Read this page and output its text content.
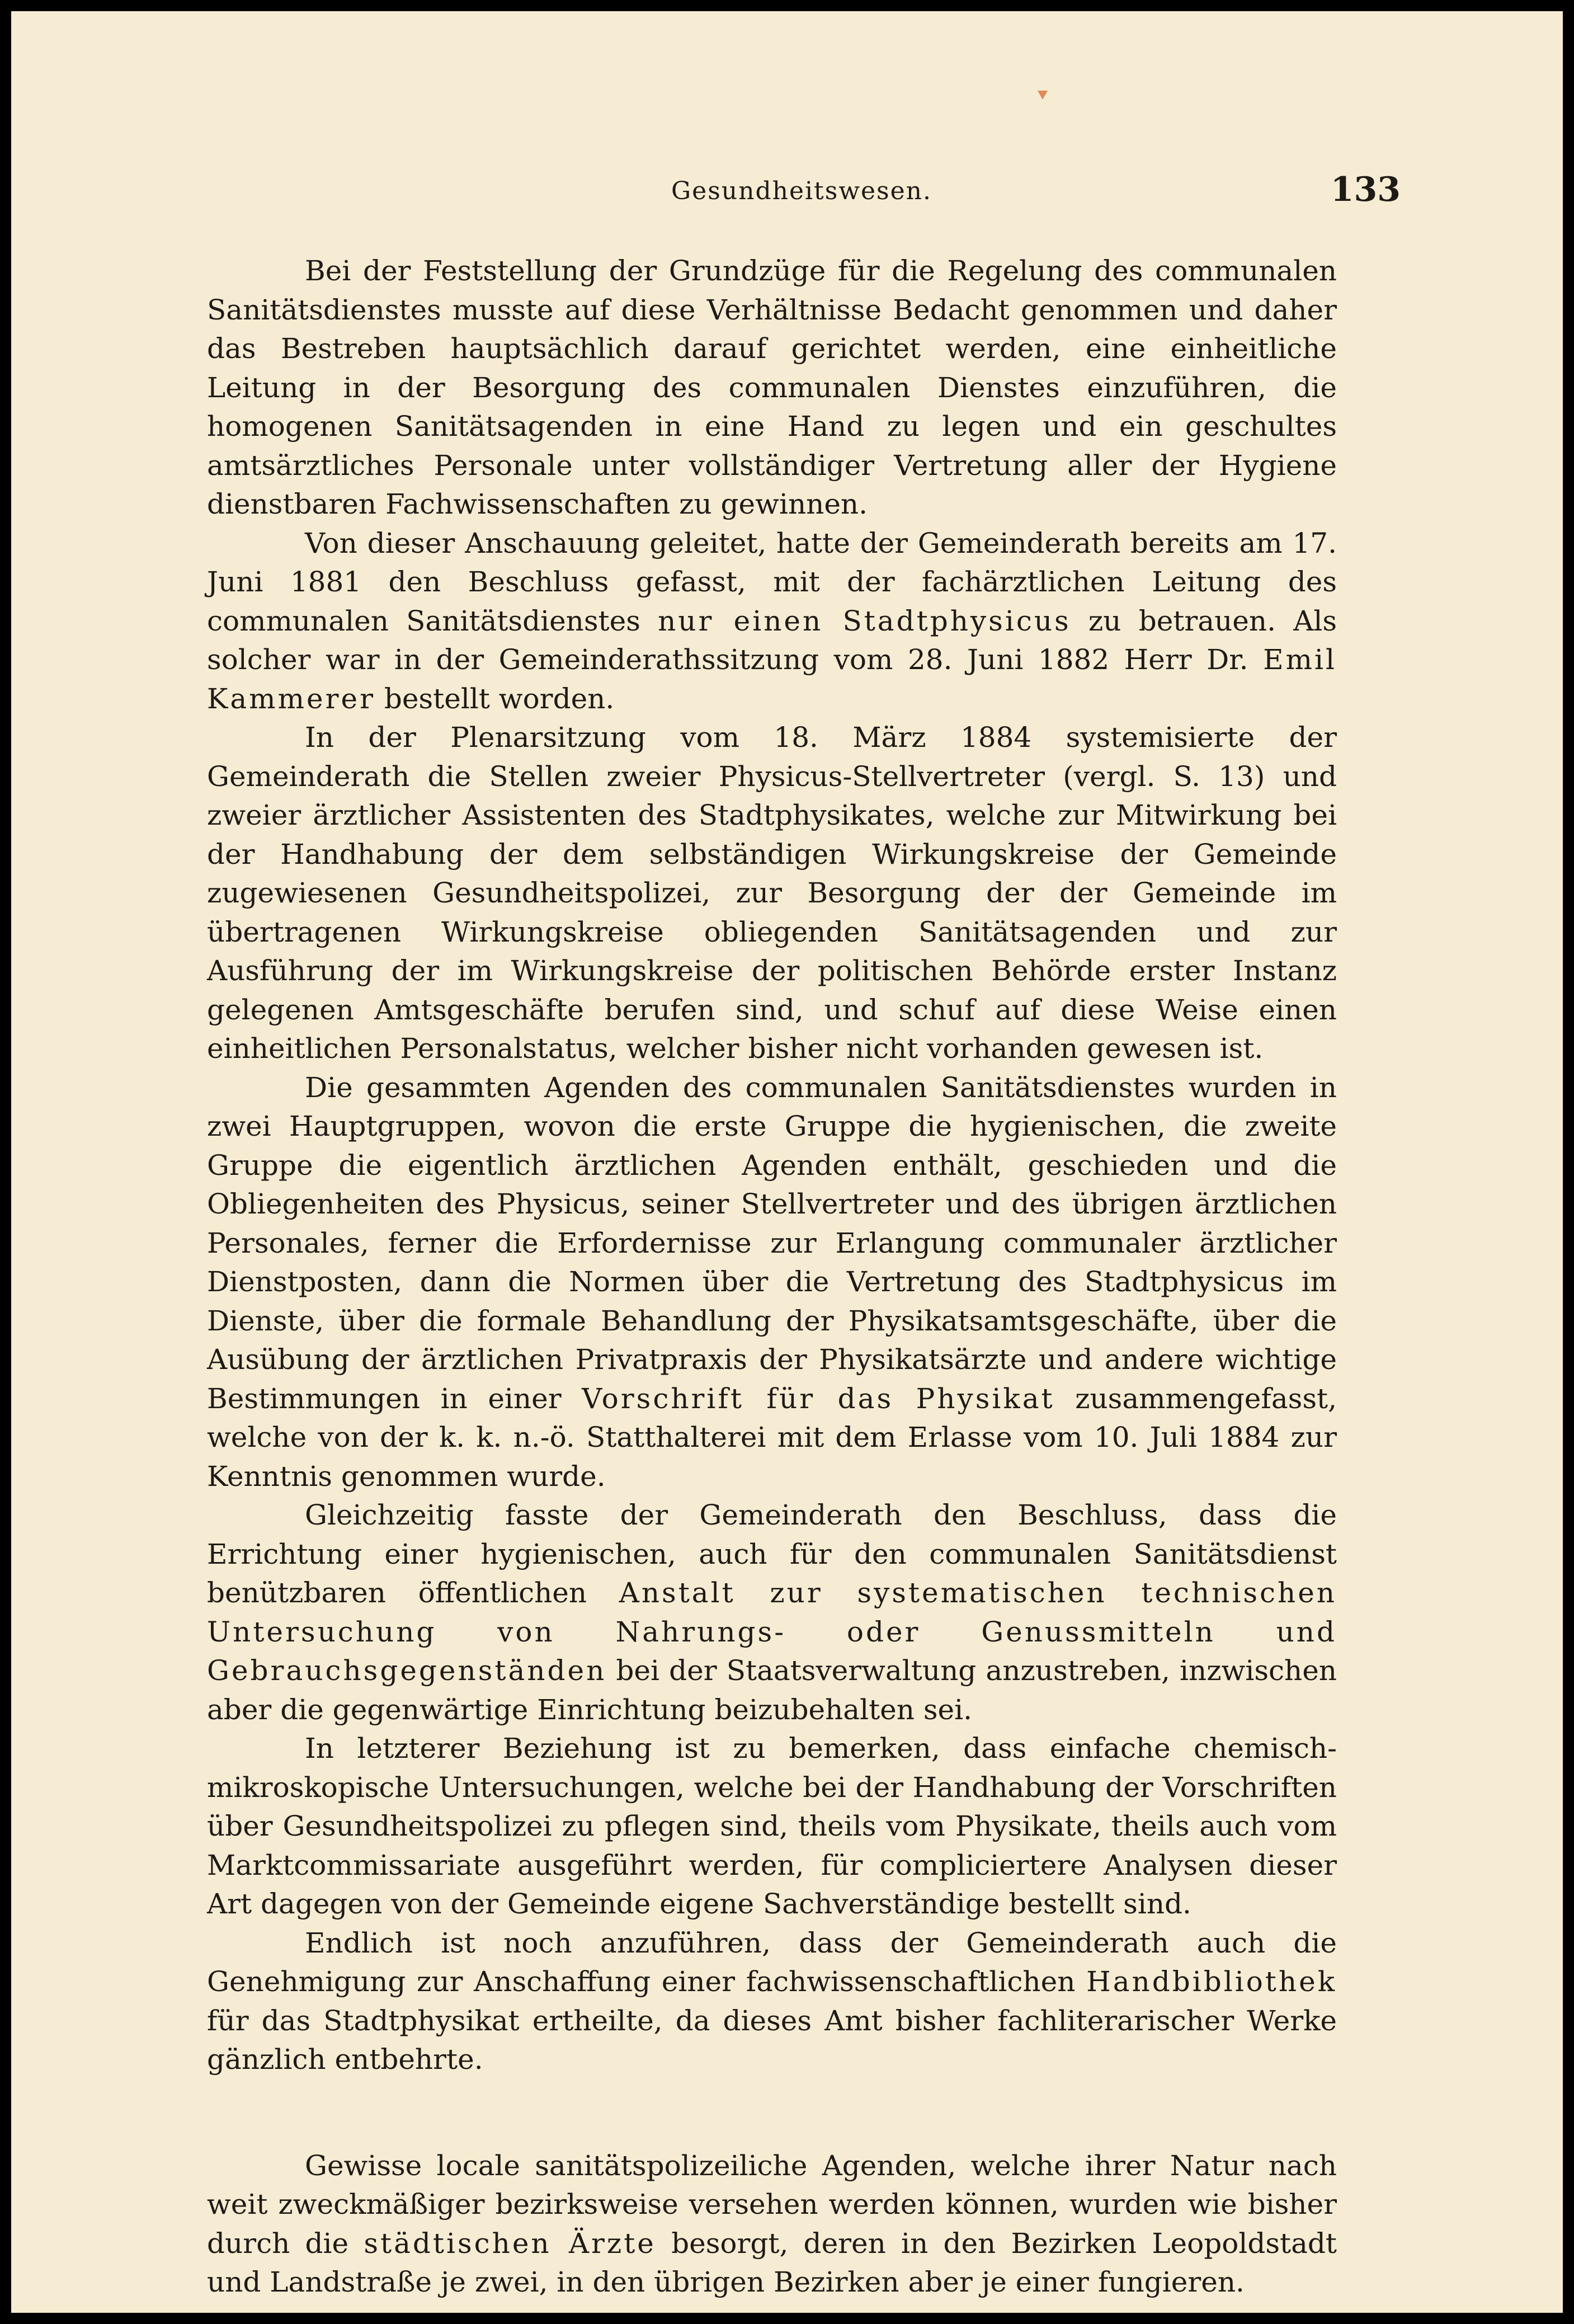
Gesundheitswesen.	133

Bei der Feststellung der Grundzüge für die Regelung des communalen Sanitätsdienstes musste auf diese Verhältnisse Bedacht genommen und daher das Bestreben hauptsächlich darauf gerichtet werden, eine einheitliche Leitung in der Besorgung des communalen Dienstes einzuführen, die homogenen Sanitätsagenden in eine Hand zu legen und ein geschultes amtsärztliches Personale unter vollständiger Vertretung aller der Hygiene dienstbaren Fachwissenschaften zu gewinnen.

Von dieser Anschauung geleitet, hatte der Gemeinderath bereits am 17. Juni 1881 den Beschluss gefasst, mit der fachärztlichen Leitung des communalen Sanitätsdienstes nur einen Stadtphysicus zu betrauen. Als solcher war in der Gemeinderathssitzung vom 28. Juni 1882 Herr Dr. Emil Kammerer bestellt worden.

In der Plenarsitzung vom 18. März 1884 systemisierte der Gemeinderath die Stellen zweier Physicus-Stellvertreter (vergl. S. 13) und zweier ärztlicher Assistenten des Stadtphysikates, welche zur Mitwirkung bei der Handhabung der dem selbständigen Wirkungskreise der Gemeinde zugewiesenen Gesundheitspolizei, zur Besorgung der der Gemeinde im übertragenen Wirkungskreise obliegenden Sanitätsagenden und zur Ausführung der im Wirkungskreise der politischen Behörde erster Instanz gelegenen Amtsgeschäfte berufen sind, und schuf auf diese Weise einen einheitlichen Personalstatus, welcher bisher nicht vorhanden gewesen ist.

Die gesammten Agenden des communalen Sanitätsdienstes wurden in zwei Hauptgruppen, wovon die erste Gruppe die hygienischen, die zweite Gruppe die eigentlich ärztlichen Agenden enthält, geschieden und die Obliegenheiten des Physicus, seiner Stellvertreter und des übrigen ärztlichen Personales, ferner die Erfordernisse zur Erlangung communaler ärztlicher Dienstposten, dann die Normen über die Vertretung des Stadtphysicus im Dienste, über die formale Behandlung der Physikatsamtsgeschäfte, über die Ausübung der ärztlichen Privatpraxis der Physikatsärzte und andere wichtige Bestimmungen in einer Vorschrift für das Physikat zusammengefasst, welche von der k. k. n.-ö. Statthalterei mit dem Erlasse vom 10. Juli 1884 zur Kenntnis genommen wurde.

Gleichzeitig fasste der Gemeinderath den Beschluss, dass die Errichtung einer hygienischen, auch für den communalen Sanitätsdienst benützbaren öffentlichen Anstalt zur systematischen technischen Untersuchung von Nahrungs- oder Genussmitteln und Gebrauchsgegenständen bei der Staatsverwaltung anzustreben, inzwischen aber die gegenwärtige Einrichtung beizubehalten sei.

In letzterer Beziehung ist zu bemerken, dass einfache chemisch-mikroskopische Untersuchungen, welche bei der Handhabung der Vorschriften über Gesundheitspolizei zu pflegen sind, theils vom Physikate, theils auch vom Marktcommissariate ausgeführt werden, für compliciertere Analysen dieser Art dagegen von der Gemeinde eigene Sachverständige bestellt sind.

Endlich ist noch anzuführen, dass der Gemeinderath auch die Genehmigung zur Anschaffung einer fachwissenschaftlichen Handbibliothek für das Stadtphysikat ertheilte, da dieses Amt bisher fachliterarischer Werke gänzlich entbehrte.

Gewisse locale sanitätspolizeiliche Agenden, welche ihrer Natur nach weit zweckmäßiger bezirksweise versehen werden können, wurden wie bisher durch die städtischen Ärzte besorgt, deren in den Bezirken Leopoldstadt und Landstraße je zwei, in den übrigen Bezirken aber je einer fungieren.
